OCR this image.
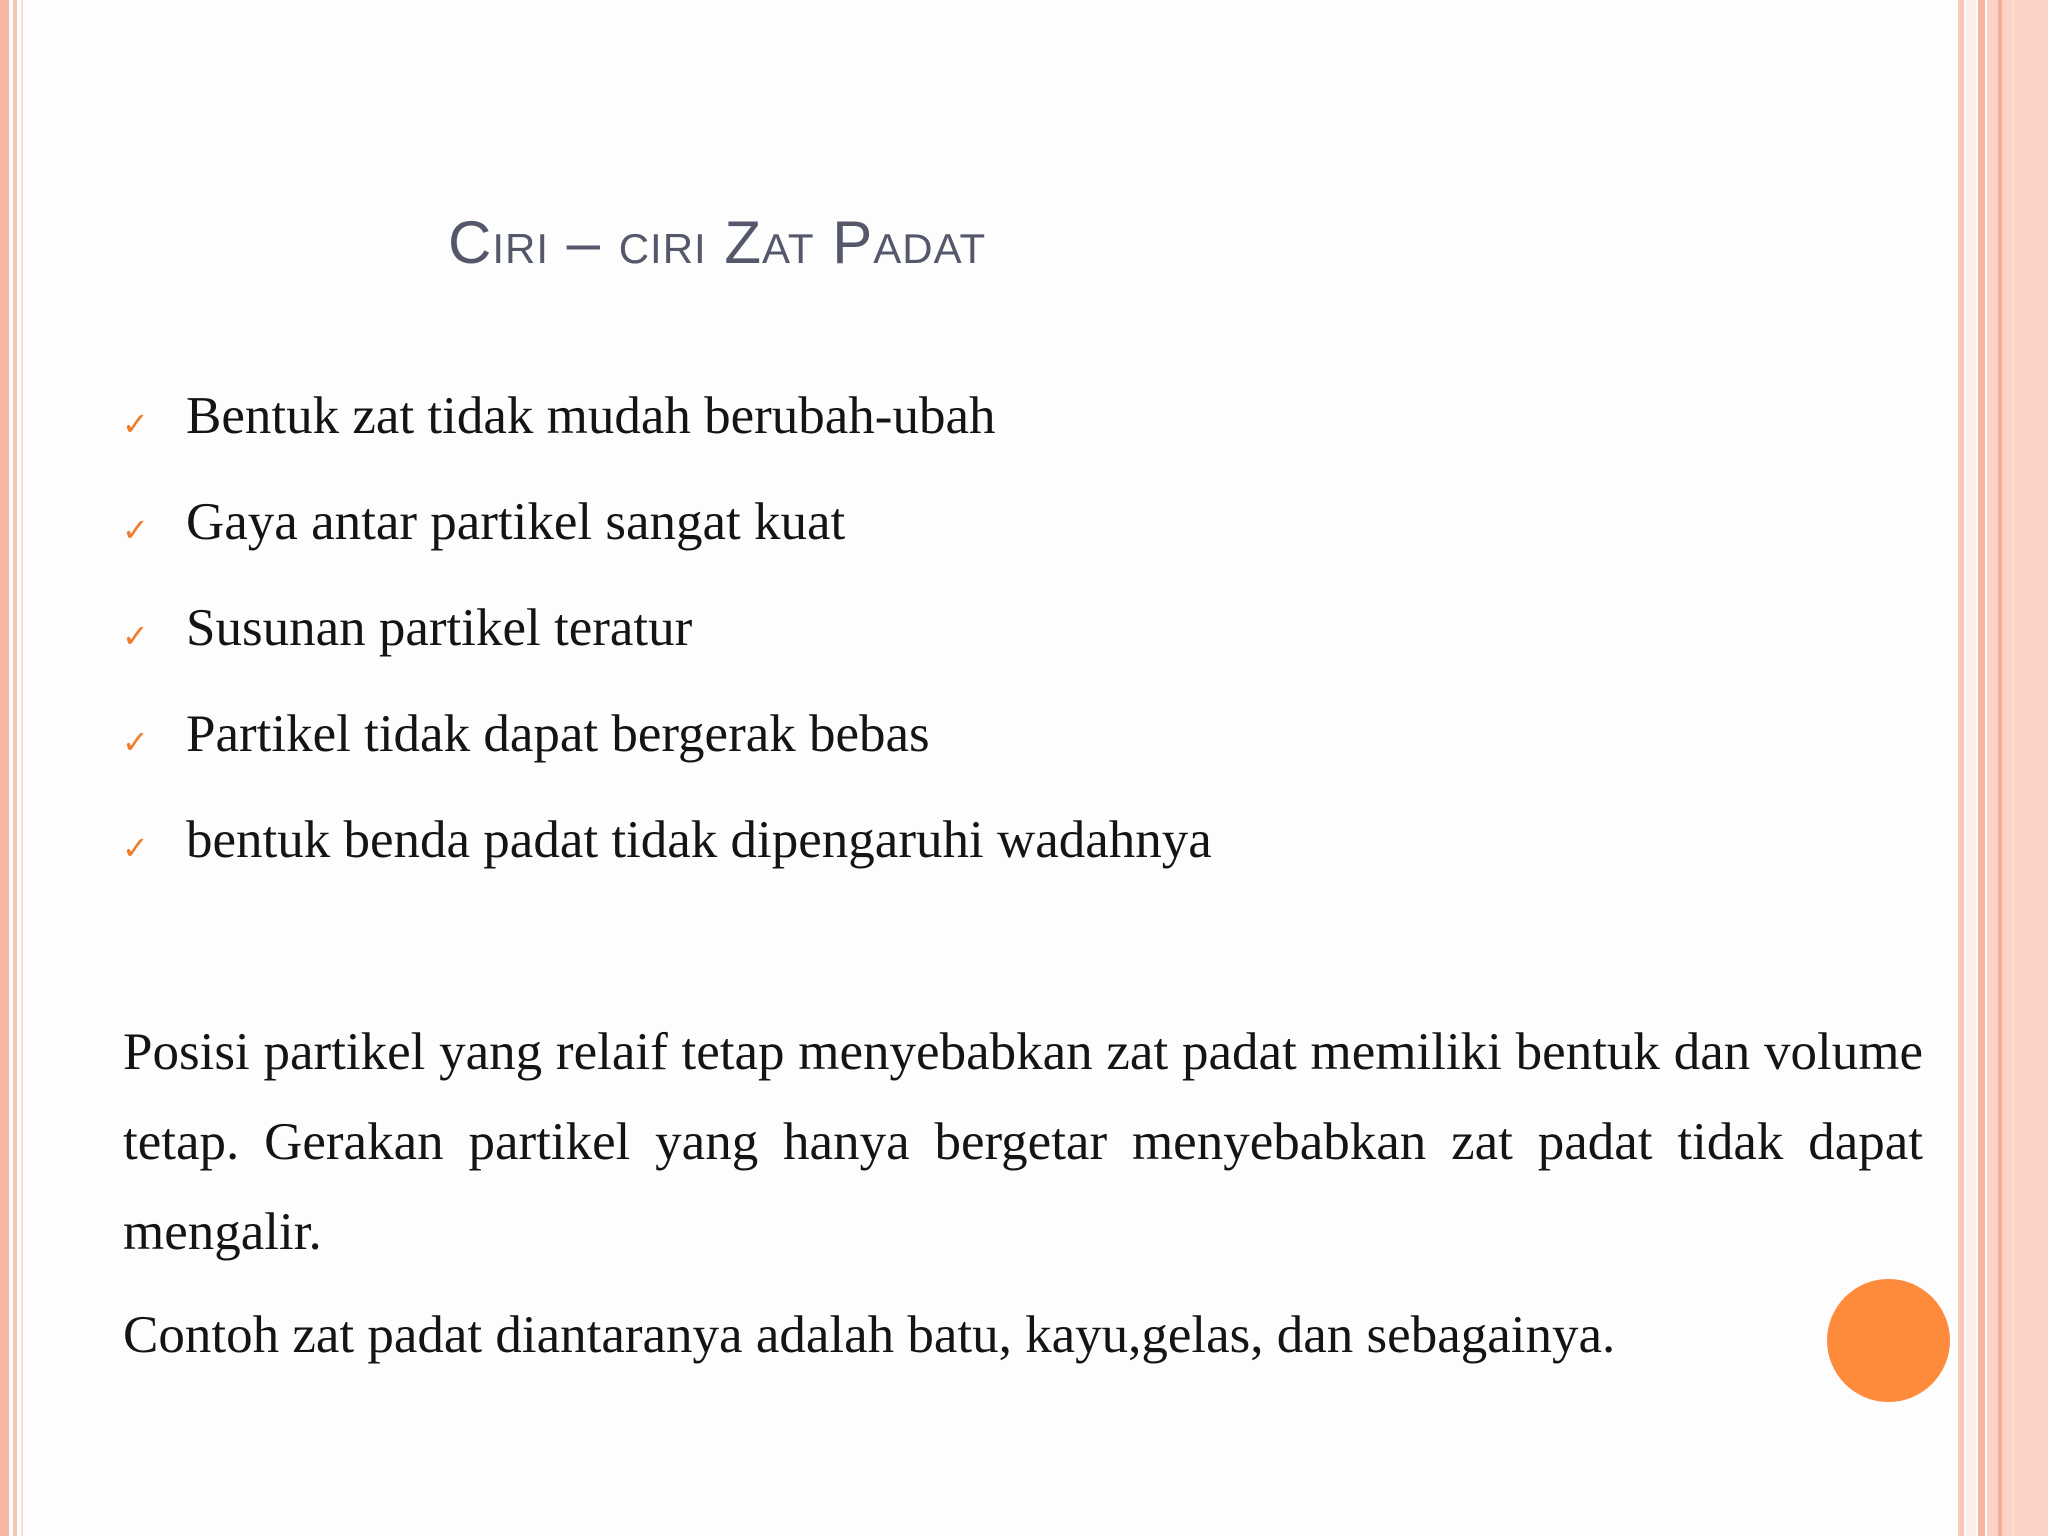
Ciri – ciri Zat Padat
✓ Bentuk zat tidak mudah berubah-ubah
✓ Gaya antar partikel sangat kuat
✓ Susunan partikel teratur
✓ Partikel tidak dapat bergerak bebas
✓ bentuk benda padat tidak dipengaruhi wadahnya

Posisi partikel yang relaif tetap menyebabkan zat padat memiliki bentuk dan volume tetap. Gerakan partikel yang hanya bergetar menyebabkan zat padat tidak dapat mengalir.

Contoh zat padat diantaranya adalah batu, kayu,gelas, dan sebagainya.
